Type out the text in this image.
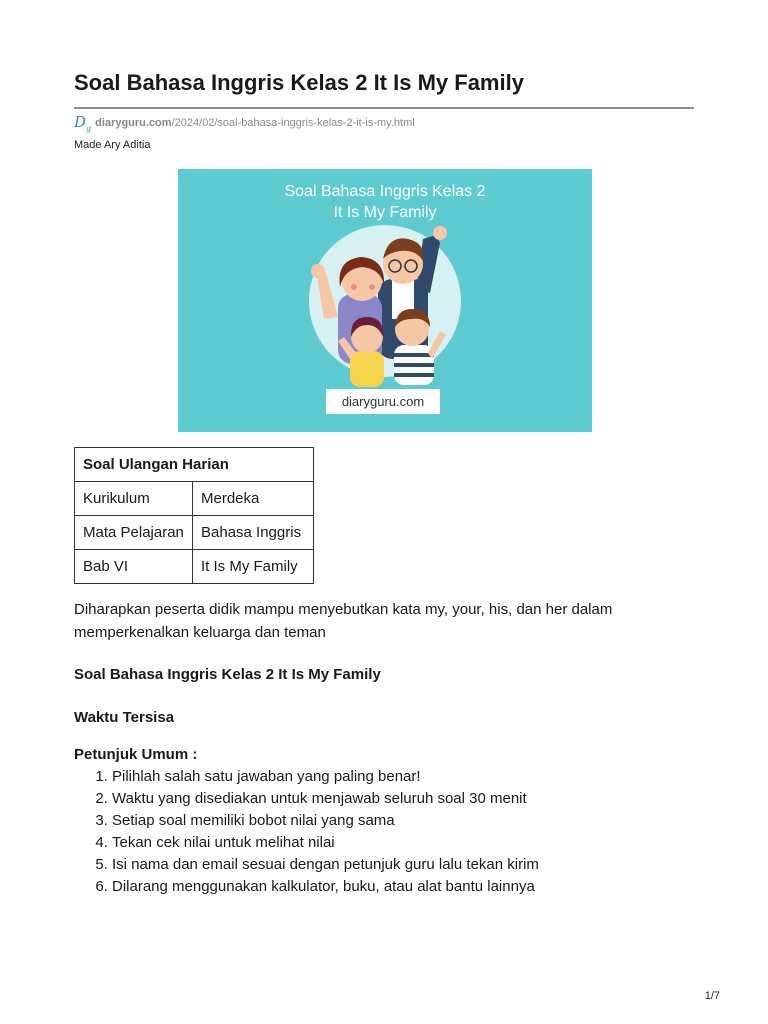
Soal Bahasa Inggris Kelas 2 It Is My Family
$D_g$ diaryguru.com/2024/02/soal-bahasa-inggris-kelas-2-it-is-my.html
Made Ary Aditia
Soal Bahasa Inggris Kelas 2
It Is My Family
diaryguru.com
Soal Ulangan Harian	
Kurikulum	Merdeka
Mata Pelajaran	Bahasa Inggris
Bab VI	It Is My Family

Diharapkan peserta didik mampu menyebutkan kata my, your, his, dan her dalam memperkenalkan keluarga dan teman

Soal Bahasa Inggris Kelas 2 It Is My Family

Waktu Tersisa

Petunjuk Umum :

1. Pilihlah salah satu jawaban yang paling benar!
2. Waktu yang disediakan untuk menjawab seluruh soal 30 menit
3. Setiap soal memiliki bobot nilai yang sama
4. Tekan cek nilai untuk melihat nilai
5. Isi nama dan email sesuai dengan petunjuk guru lalu tekan kirim
6. Dilarang menggunakan kalkulator, buku, atau alat bantu lainnya
1/7
